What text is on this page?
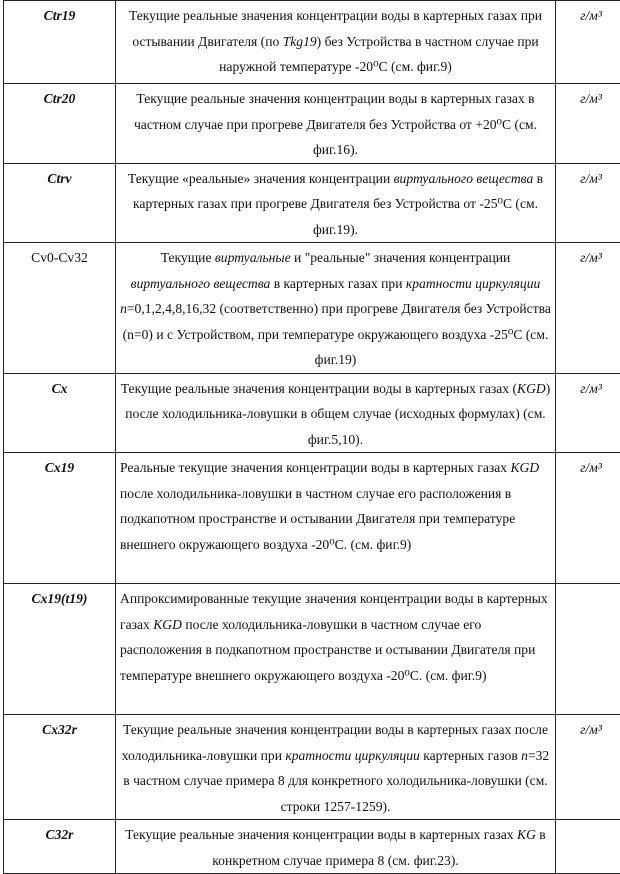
Ctr19	Текущие реальные значения концентрации воды в картерных газах при остывании Двигателя (по Tkg19) без Устройства в частном случае при наружной температуре -20⁰С (см. фиг.9)	г/м³
Ctr20	Текущие реальные значения концентрации воды в картерных газах в частном случае при прогреве Двигателя без Устройства от +20⁰С (см. фиг.16).	г/м³
Ctrv	Текущие «реальные» значения концентрации виртуального вещества в картерных газах при прогреве Двигателя без Устройства от -25⁰С (см. фиг.19).	г/м³
Cv0-Cv32	Текущие виртуальные и "реальные" значения концентрации виртуального вещества в картерных газах при кратности циркуляции n=0,1,2,4,8,16,32 (соответственно) при прогреве Двигателя без Устройства (n=0) и с Устройством, при температуре окружающего воздуха -25⁰С (см. фиг.19)	г/м³
Cx	Текущие реальные значения концентрации воды в картерных газах (KGD) после холодильника-ловушки в общем случае (исходных формулах) (см. фиг.5,10).	г/м³
Cx19	Реальные текущие значения концентрации воды в картерных газах KGD после холодильника-ловушки в частном случае его расположения в подкапотном пространстве и остывании Двигателя при температуре внешнего окружающего воздуха -20⁰С. (см. фиг.9)	г/м³
Cx19(t19)	Аппроксимированные текущие значения концентрации воды в картерных газах KGD после холодильника-ловушки в частном случае его расположения в подкапотном пространстве и остывании Двигателя при температуре внешнего окружающего воздуха -20⁰С. (см. фиг.9)	
Cx32r	Текущие реальные значения концентрации воды в картерных газах после холодильника-ловушки при кратности циркуляции картерных газов n=32 в частном случае примера 8 для конкретного холодильника-ловушки (см. строки 1257-1259).	г/м³
C32r	Текущие реальные значения концентрации воды в картерных газах KG в конкретном случае примера 8 (см. фиг.23).	
